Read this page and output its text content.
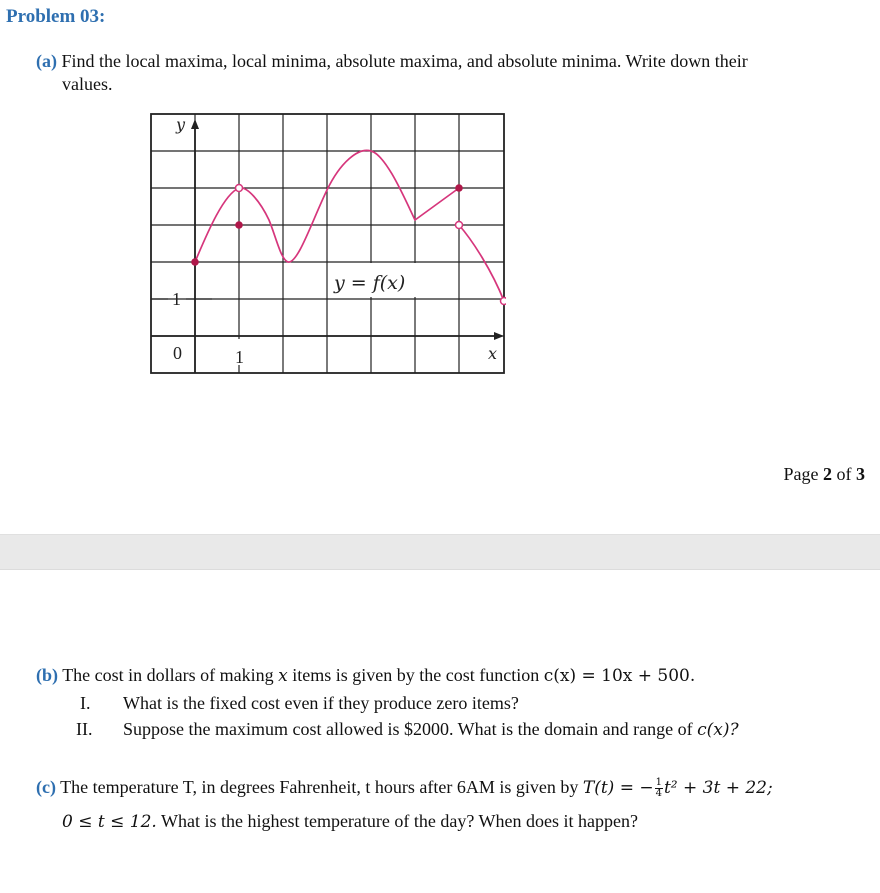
Problem 03:
(a) Find the local maxima, local minima, absolute maxima, and absolute minima. Write down their
values.
y
x
0	1
1
y = f(x)
Page 2 of 3
(b) The cost in dollars of making x items is given by the cost function c(x) = 10x + 500.
I. What is the fixed cost even if they produce zero items?
II. Suppose the maximum cost allowed is $2000. What is the domain and range of c(x)?
(c) The temperature T, in degrees Fahrenheit, t hours after 6AM is given by T(t) = − $\frac{1}{4} t^2 + 3t + 22$;
0 ≤ t ≤ 12. What is the highest temperature of the day? When does it happen?
